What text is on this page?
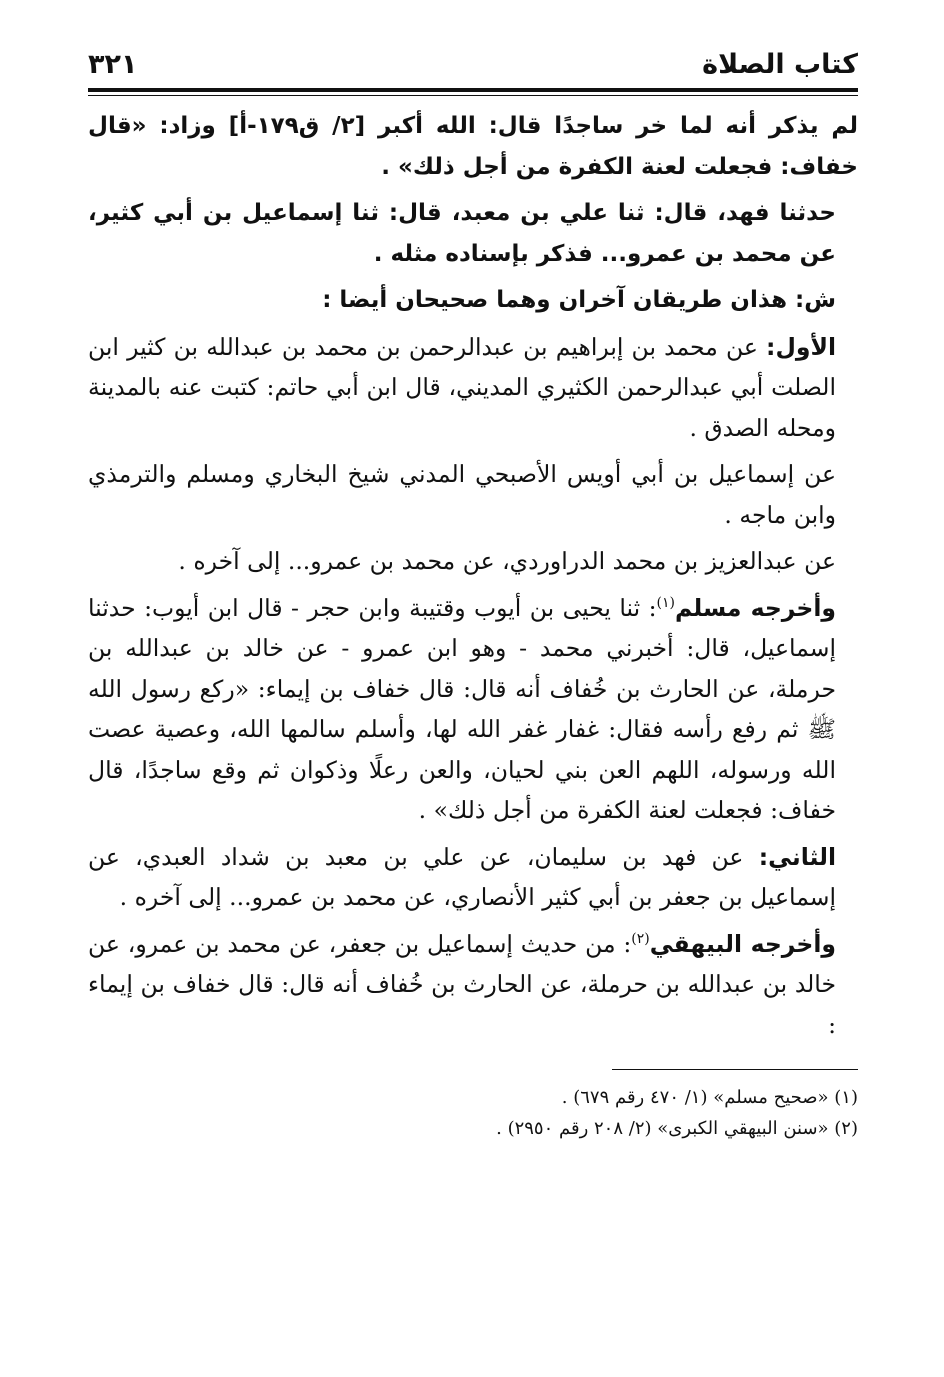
كتاب الصلاة
٣٢١

لم يذكر أنه لما خر ساجدًا قال: الله أكبر [٢/ ق١٧٩-أ] وزاد: «قال خفاف: فجعلت لعنة الكفرة من أجل ذلك» .

حدثنا فهد، قال: ثنا علي بن معبد، قال: ثنا إسماعيل بن أبي كثير، عن محمد بن عمرو... فذكر بإسناده مثله .

ش: هذان طريقان آخران وهما صحيحان أيضا :

الأول: عن محمد بن إبراهيم بن عبدالرحمن بن محمد بن عبدالله بن كثير ابن الصلت أبي عبدالرحمن الكثيري المديني، قال ابن أبي حاتم: كتبت عنه بالمدينة ومحله الصدق .

عن إسماعيل بن أبي أويس الأصبحي المدني شيخ البخاري ومسلم والترمذي وابن ماجه .

عن عبدالعزيز بن محمد الدراوردي، عن محمد بن عمرو... إلى آخره .

وأخرجه مسلم$^{(١)}$: ثنا يحيى بن أيوب وقتيبة وابن حجر - قال ابن أيوب: حدثنا إسماعيل، قال: أخبرني محمد - وهو ابن عمرو - عن خالد بن عبدالله بن حرملة، عن الحارث بن خُفاف أنه قال: قال خفاف بن إيماء: «ركع رسول الله ﷺ ثم رفع رأسه فقال: غفار غفر الله لها، وأسلم سالمها الله، وعصية عصت الله ورسوله، اللهم العن بني لحيان، والعن رعلًا وذكوان ثم وقع ساجدًا، قال خفاف: فجعلت لعنة الكفرة من أجل ذلك» .

الثاني: عن فهد بن سليمان، عن علي بن معبد بن شداد العبدي، عن إسماعيل بن جعفر بن أبي كثير الأنصاري، عن محمد بن عمرو... إلى آخره .

وأخرجه البيهقي$^{(٢)}$: من حديث إسماعيل بن جعفر، عن محمد بن عمرو، عن خالد بن عبدالله بن حرملة، عن الحارث بن خُفاف أنه قال: قال خفاف بن إيماء :

(١) «صحيح مسلم» (١/ ٤٧٠ رقم ٦٧٩) .

(٢) «سنن البيهقي الكبرى» (٢/ ٢٠٨ رقم ٢٩٥٠) .
